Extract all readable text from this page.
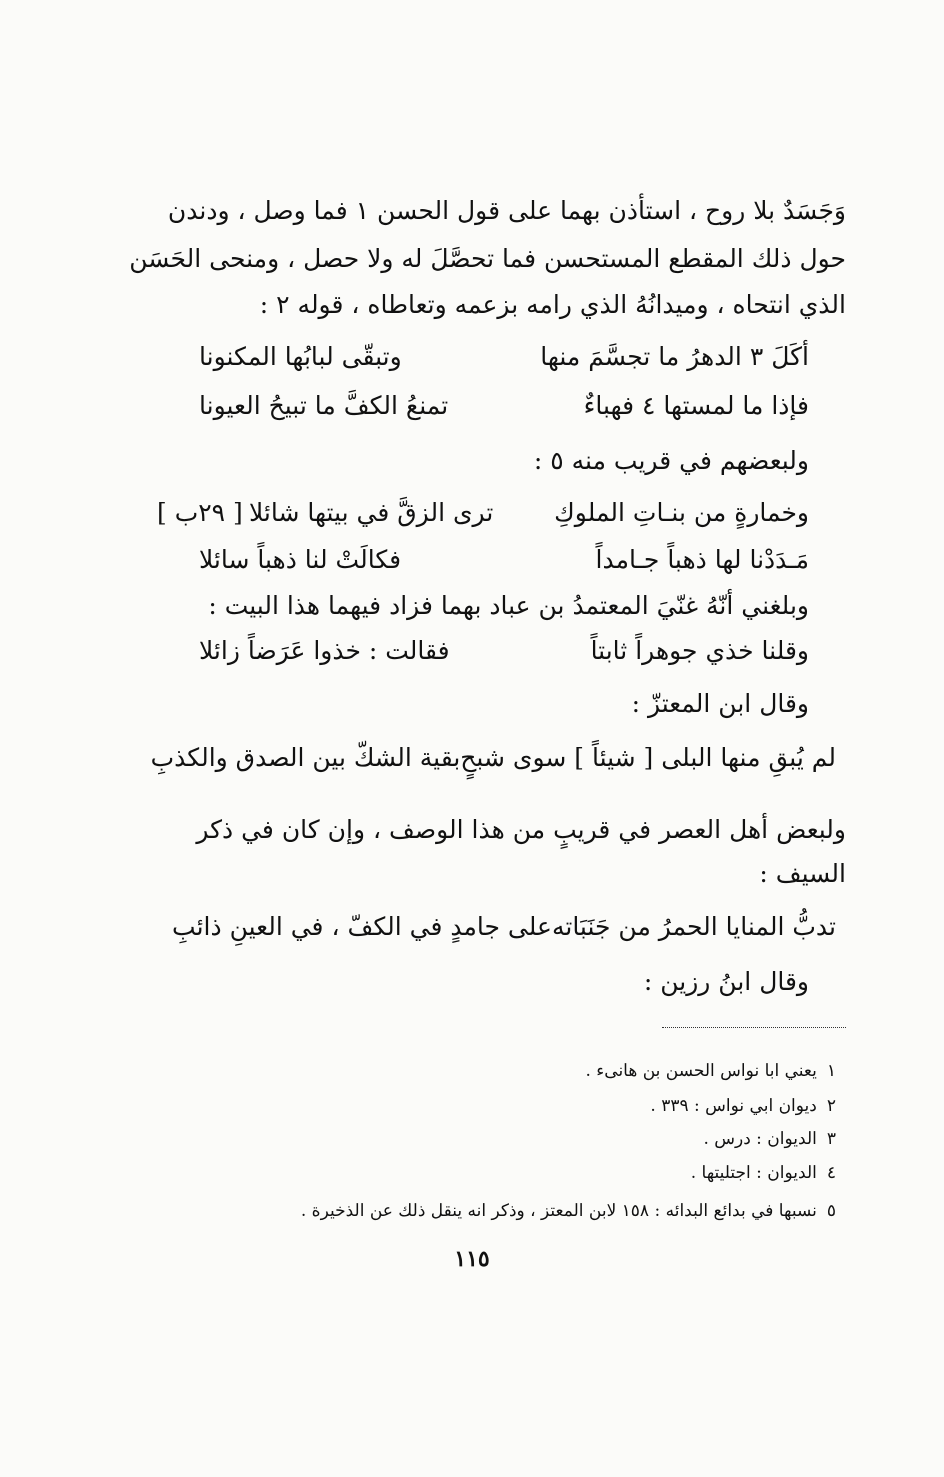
وَجَسَدٌ بلا روح ، استأذن بهما على قول الحسن ١ فما وصل ، ودندن
حول ذلك المقطع المستحسن فما تحصَّلَ له ولا حصل ، ومنحى الحَسَن
الذي انتحاه ، وميدانُهُ الذي رامه بزعمه وتعاطاه ، قوله ٢ :
أكَلَ ٣ الدهرُ ما تجسَّمَ منها
وتبقّى لبابُها المكنونا
فإذا ما لمستها ٤ فهباءٌ
تمنعُ الكفَّ ما تبيحُ العيونا
ولبعضهم في قريب منه ٥ :
وخمارةٍ من بنـاتِ الملوكِ
ترى الزقَّ في بيتها شائلا
[ ٢٩ب ]
مَـدَدْنا لها ذهباً جـامداً
فكالَتْ لنا ذهباً سائلا
وبلغني أنّهُ غنّيَ المعتمدُ بن عباد بهما فزاد فيهما هذا البيت :
وقلنا خذي جوهراً ثابتاً
فقالت : خذوا عَرَضاً زائلا
وقال ابن المعتزّ :
لم يُبقِ منها البلى [ شيئاً ] سوى شبحٍ
بقية الشكّ بين الصدق والكذبِ
ولبعض أهل العصر في قريبٍ من هذا الوصف ، وإن كان في ذكر
السيف :
تدبُّ المنايا الحمرُ من جَنَبَاته
على جامدٍ في الكفّ ، في العينِ ذائبِ
وقال ابنُ رزين :
١يعني ابا نواس الحسن بن هانىء .
٢ديوان ابي نواس : ٣٣٩ .
٣الديوان : درس .
٤الديوان : اجتليتها .
٥نسبها في بدائع البدائه : ١٥٨ لابن المعتز ، وذكر انه ينقل ذلك عن الذخيرة .
١١٥
